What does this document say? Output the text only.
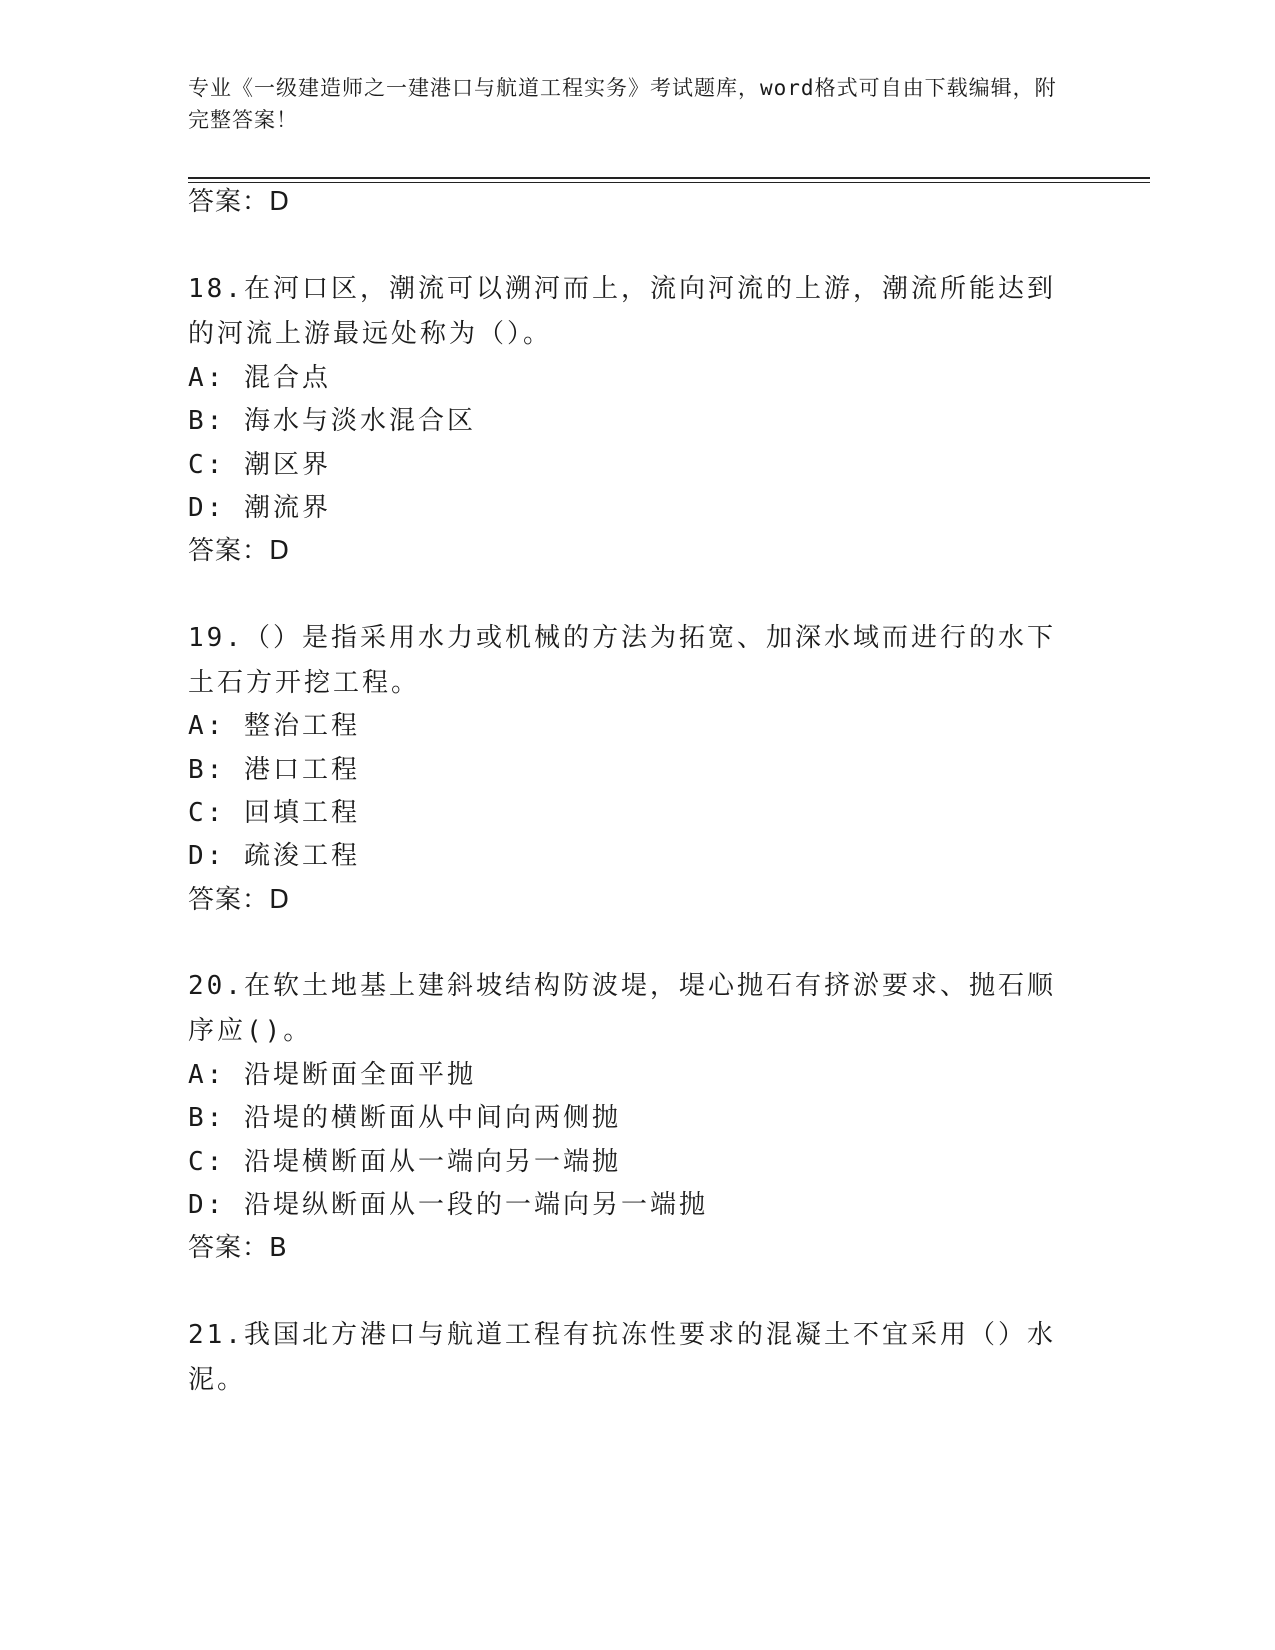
专业《一级建造师之一建港口与航道工程实务》考试题库，word格式可自由下载编辑，附完整答案！
答案：D
18.在河口区，潮流可以溯河而上，流向河流的上游，潮流所能达到的河流上游最远处称为（）。
A: 混合点
B: 海水与淡水混合区
C: 潮区界
D: 潮流界
答案：D
19.（）是指采用水力或机械的方法为拓宽、加深水域而进行的水下土石方开挖工程。
A: 整治工程
B: 港口工程
C: 回填工程
D: 疏浚工程
答案：D
20.在软土地基上建斜坡结构防波堤，堤心抛石有挤淤要求、抛石顺序应()。
A: 沿堤断面全面平抛
B: 沿堤的横断面从中间向两侧抛
C: 沿堤横断面从一端向另一端抛
D: 沿堤纵断面从一段的一端向另一端抛
答案：B
21.我国北方港口与航道工程有抗冻性要求的混凝土不宜采用（）水泥。
